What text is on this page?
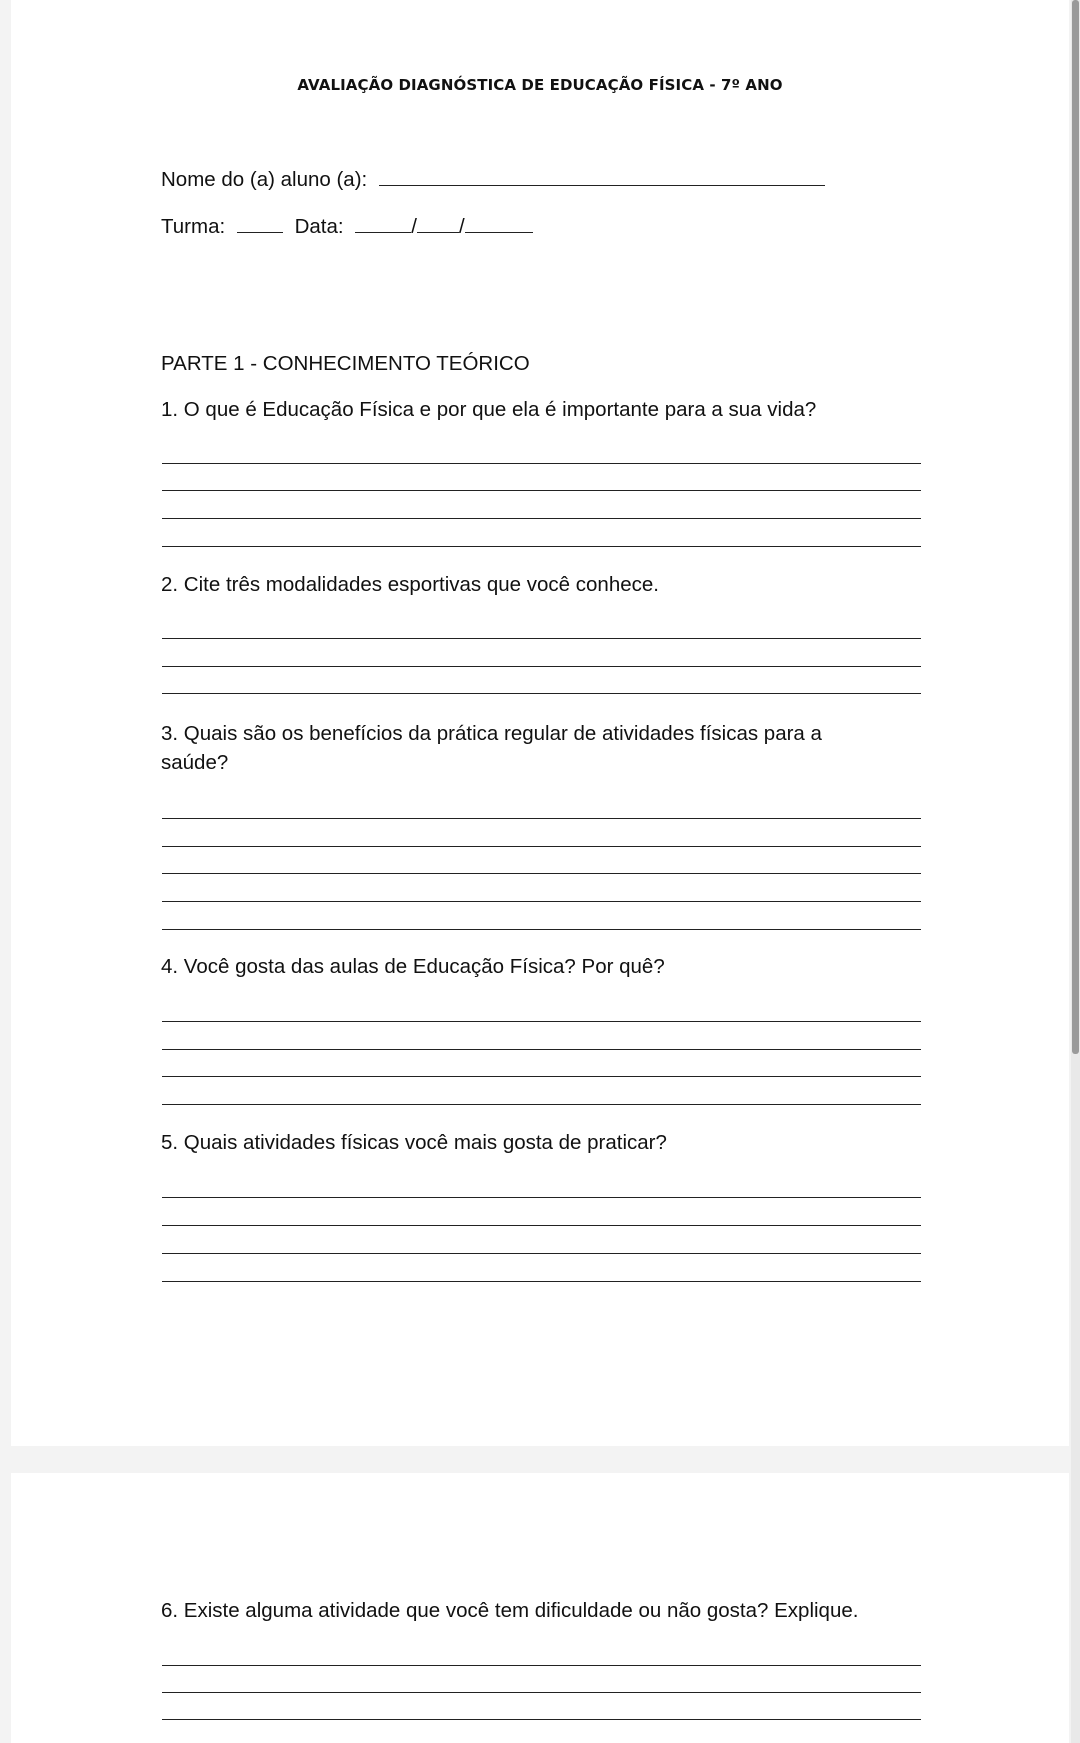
AVALIAÇÃO DIAGNÓSTICA DE EDUCAÇÃO FÍSICA - 7º ANO
Nome do (a) aluno (a):
Turma:	Data:	/ /
PARTE 1 - CONHECIMENTO TEÓRICO
1. O que é Educação Física e por que ela é importante para a sua vida?
2. Cite três modalidades esportivas que você conhece.
3. Quais são os benefícios da prática regular de atividades físicas para a
saúde?
4. Você gosta das aulas de Educação Física? Por quê?
5. Quais atividades físicas você mais gosta de praticar?
6. Existe alguma atividade que você tem dificuldade ou não gosta? Explique.
